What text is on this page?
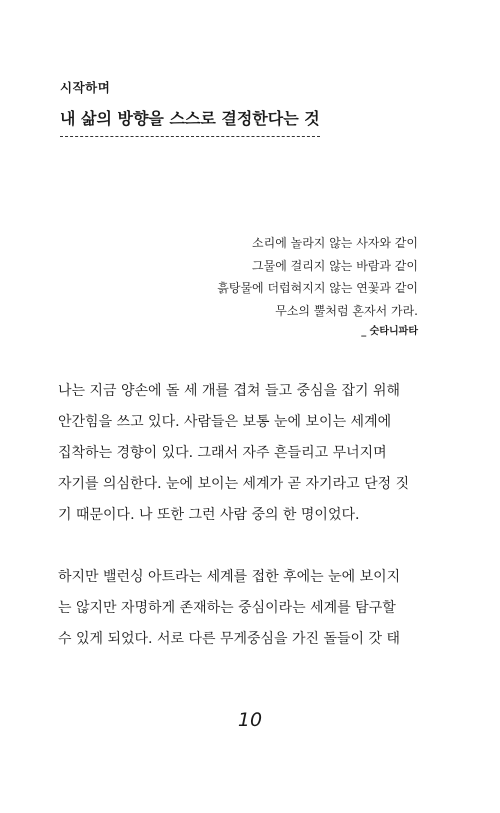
시작하며
내 삶의 방향을 스스로 결정한다는 것
소리에 놀라지 않는 사자와 같이
그물에 걸리지 않는 바람과 같이
흙탕물에 더럽혀지지 않는 연꽃과 같이
무소의 뿔처럼 혼자서 가라.
_ 숫타니파타
나는 지금 양손에 돌 세 개를 겹쳐 들고 중심을 잡기 위해
안간힘을 쓰고 있다. 사람들은 보통 눈에 보이는 세계에
집착하는 경향이 있다. 그래서 자주 흔들리고 무너지며
자기를 의심한다. 눈에 보이는 세계가 곧 자기라고 단정 짓
기 때문이다. 나 또한 그런 사람 중의 한 명이었다.
하지만 밸런싱 아트라는 세계를 접한 후에는 눈에 보이지
는 않지만 자명하게 존재하는 중심이라는 세계를 탐구할
수 있게 되었다. 서로 다른 무게중심을 가진 돌들이 갓 태
10
